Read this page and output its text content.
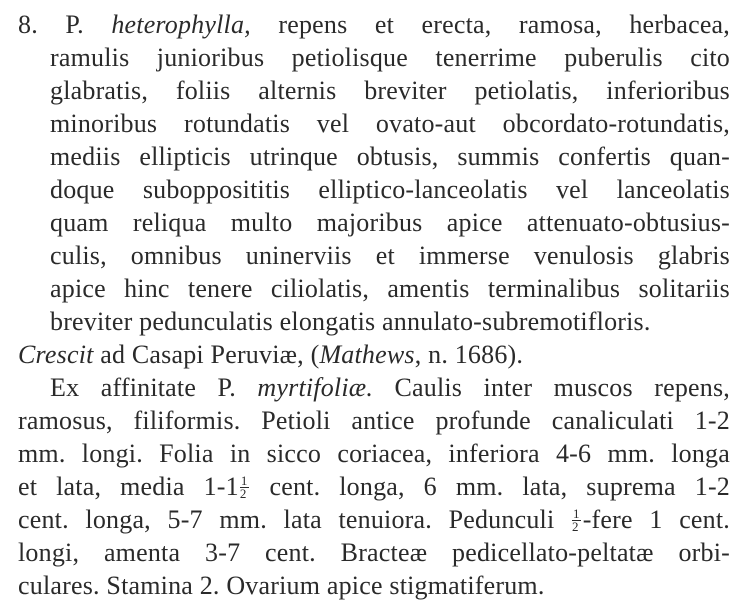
8. P. heterophylla, repens et erecta, ramosa, herbacea,
ramulis junioribus petiolisque tenerrime puberulis cito
glabratis, foliis alternis breviter petiolatis, inferioribus
minoribus rotundatis vel ovato-aut obcordato-rotundatis,
mediis ellipticis utrinque obtusis, summis confertis quan-
doque subopposititis elliptico-lanceolatis vel lanceolatis
quam reliqua multo majoribus apice attenuato-obtusius-
culis, omnibus uninerviis et immerse venulosis glabris
apice hinc tenere ciliolatis, amentis terminalibus solitariis
breviter pedunculatis elongatis annulato-subremotifloris.
Crescit ad Casapi Peruviæ, (Mathews, n. 1686).
Ex affinitate P. myrtifoliæ. Caulis inter muscos repens,
ramosus, filiformis. Petioli antice profunde canaliculati 1-2
mm. longi. Folia in sicco coriacea, inferiora 4-6 mm. longa
et lata, media $1-1 \frac{1}{2}$ cent. longa, 6 mm. lata, suprema 1-2
cent. longa, 5-7 mm. lata tenuiora. Pedunculi $\frac{1}{2}$ -fere 1 cent.
longi, amenta 3-7 cent. Bracteæ pedicellato-peltatæ orbi-
culares. Stamina 2. Ovarium apice stigmatiferum.
